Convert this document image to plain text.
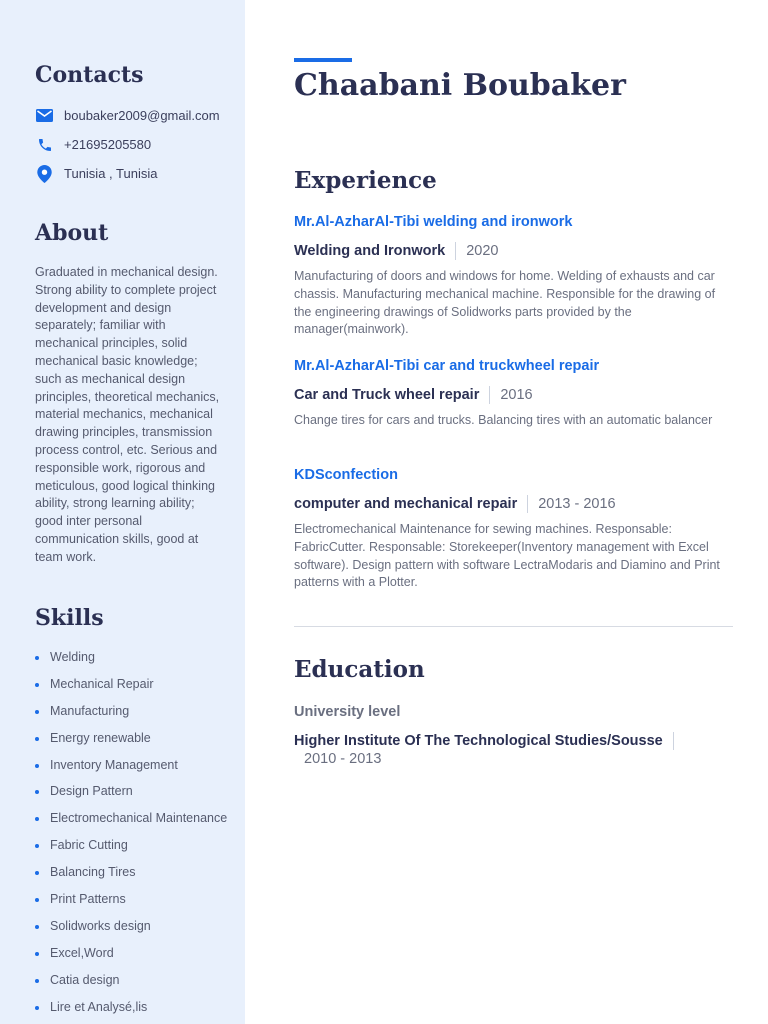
Contacts
boubaker2009@gmail.com
+21695205580
Tunisia , Tunisia
About
Graduated in mechanical design. Strong ability to complete project development and design separately; familiar with mechanical principles, solid mechanical basic knowledge; such as mechanical design principles, theoretical mechanics, material mechanics, mechanical drawing principles, transmission process control, etc. Serious and responsible work, rigorous and meticulous, good logical thinking ability, strong learning ability; good inter personal communication skills, good at team work.
Skills
Welding
Mechanical Repair
Manufacturing
Energy renewable
Inventory Management
Design Pattern
Electromechanical Maintenance
Fabric Cutting
Balancing Tires
Print Patterns
Solidworks design
Excel,Word
Catia design
Lire et Analysé,lis
Chaabani Boubaker
Experience
Mr.Al-AzharAl-Tibi welding and ironwork
Welding and Ironwork 2020
Manufacturing of doors and windows for home. Welding of exhausts and car chassis. Manufacturing mechanical machine. Responsible for the drawing of the engineering drawings of Solidworks parts provided by the manager(mainwork).
Mr.Al-AzharAl-Tibi car and truckwheel repair
Car and Truck wheel repair 2016
Change tires for cars and trucks. Balancing tires with an automatic balancer
KDSconfection
computer and mechanical repair 2013 - 2016
Electromechanical Maintenance for sewing machines. Responsable: FabricCutter. Responsable: Storekeeper(Inventory management with Excel software). Design pattern with software LectraModaris and Diamino and Print patterns with a Plotter.
Education
University level
Higher Institute Of The Technological Studies/Sousse
2010 - 2013
